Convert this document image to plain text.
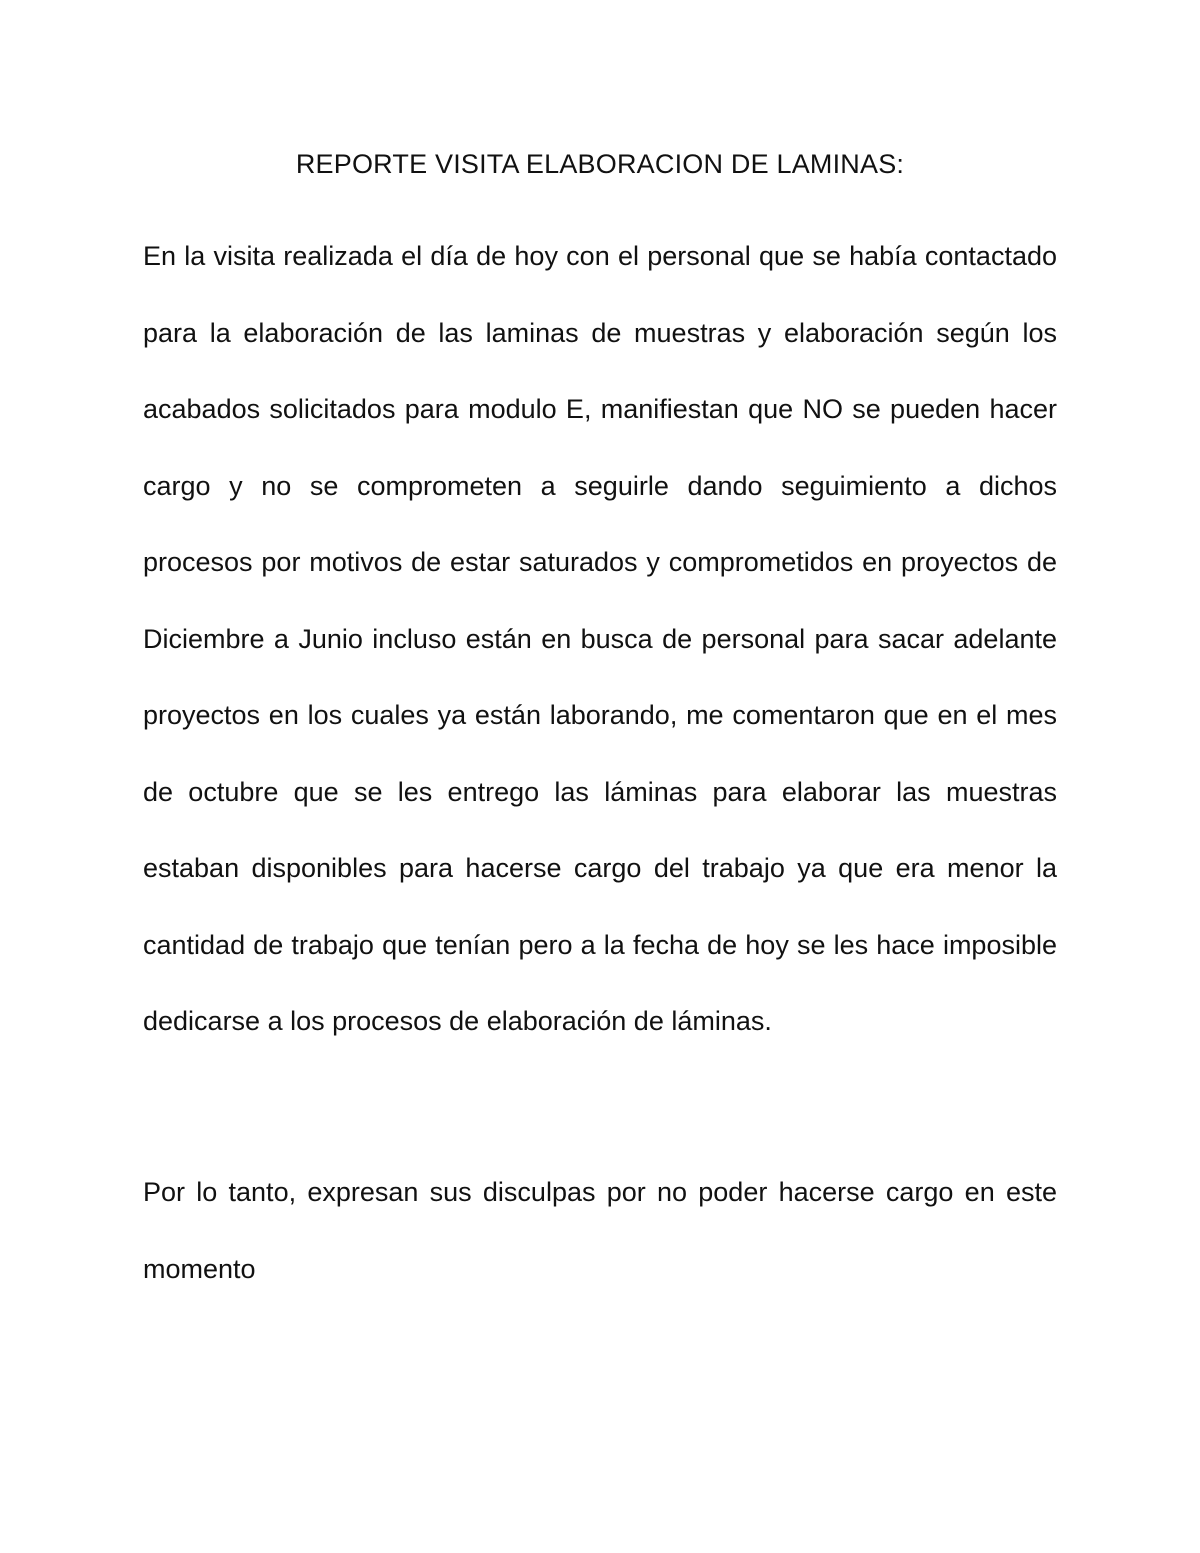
REPORTE VISITA ELABORACION DE LAMINAS:

En la visita realizada el día de hoy con el personal que se había contactado para la elaboración de las laminas de muestras y elaboración según los acabados solicitados para modulo E, manifiestan que NO se pueden hacer cargo y no se comprometen a seguirle dando seguimiento a dichos procesos por motivos de estar saturados y comprometidos en proyectos de Diciembre a Junio incluso están en busca de personal para sacar adelante proyectos en los cuales ya están laborando, me comentaron que en el mes de octubre que se les entrego las láminas para elaborar las muestras estaban disponibles para hacerse cargo del trabajo ya que era menor la cantidad de trabajo que tenían pero a la fecha de hoy se les hace imposible dedicarse a los procesos de elaboración de láminas.

Por lo tanto, expresan sus disculpas por no poder hacerse cargo en este momento
